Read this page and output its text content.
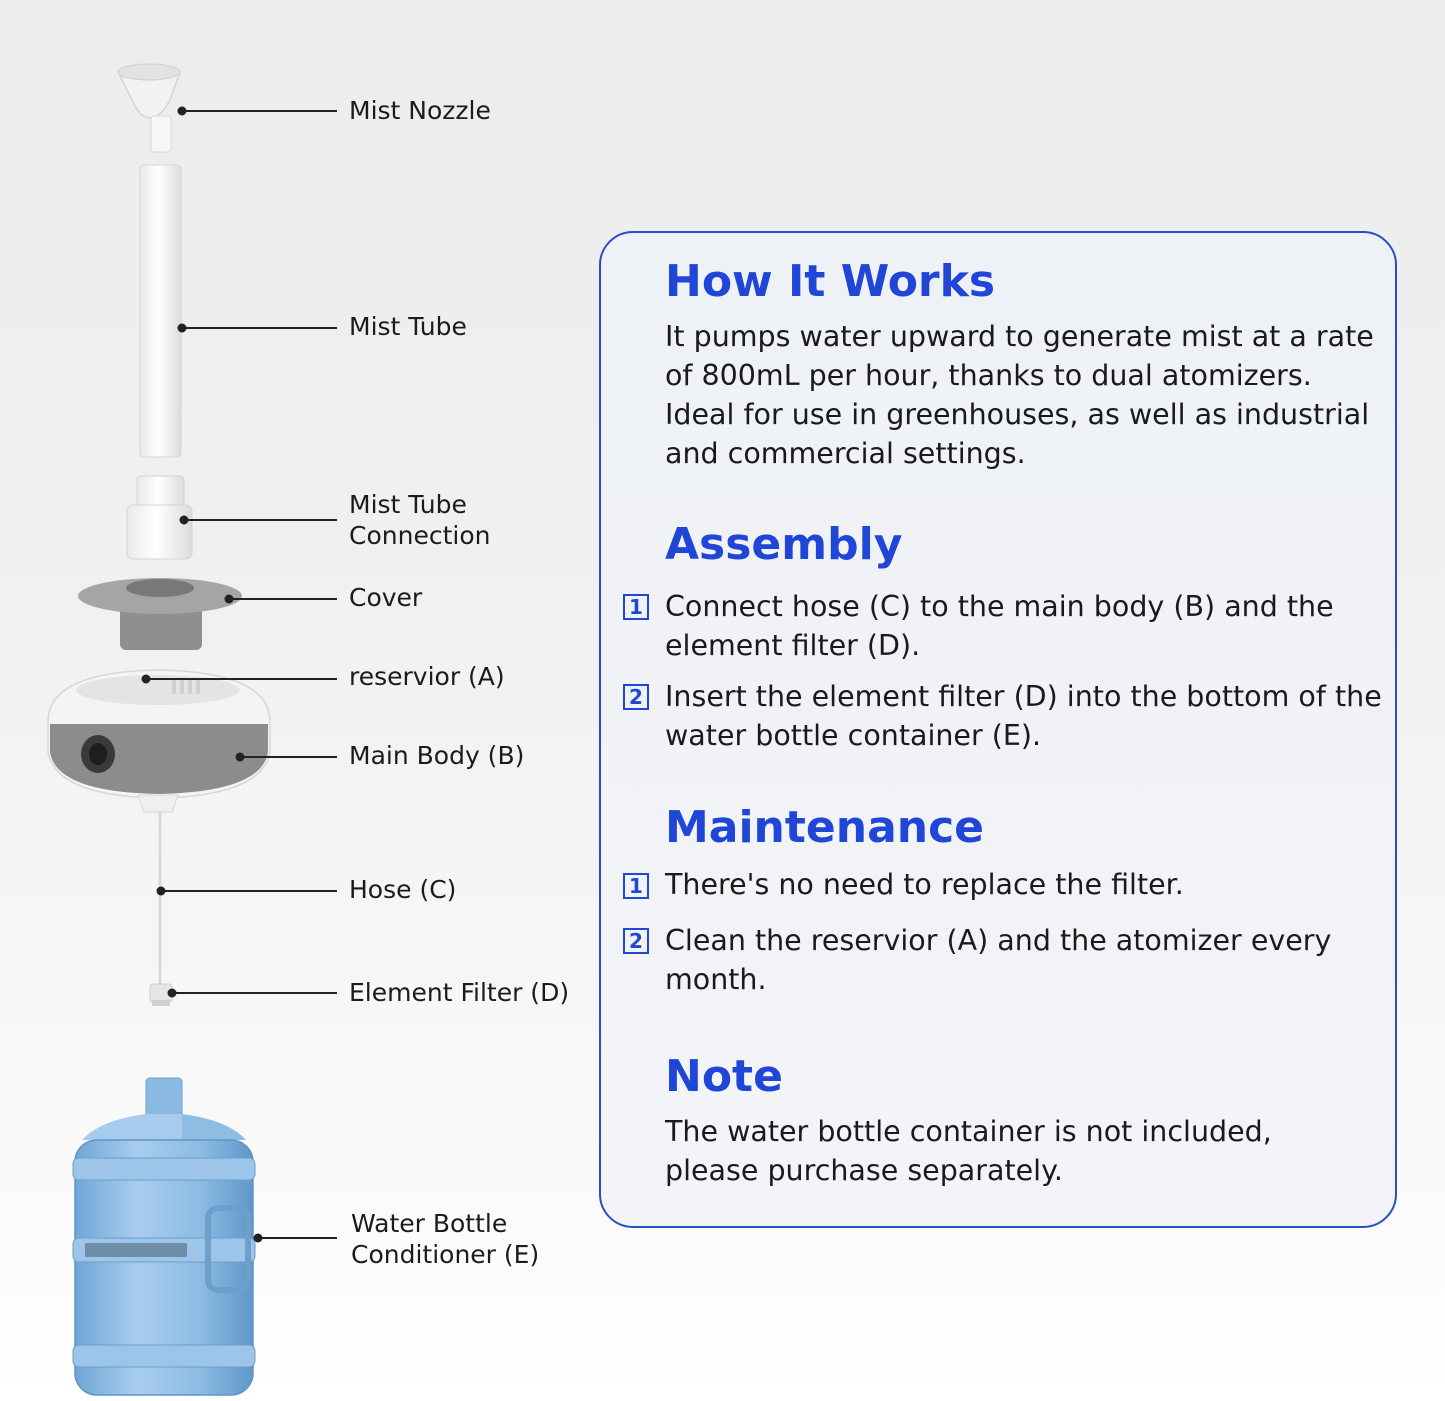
Mist Nozzle
Mist Tube
Mist Tube
Connection
Cover
reservior (A)
Main Body (B)
Hose (C)
Element Filter (D)
Water Bottle
Conditioner (E)
How It Works

It pumps water upward to generate mist at a rate of 800mL per hour, thanks to dual atomizers. Ideal for use in greenhouses, as well as industrial and commercial settings.

Assembly
1 Connect hose (C) to the main body (B) and the element filter (D).

2 Insert the element filter (D) into the bottom of the water bottle container (E).

Maintenance
1 There's no need to replace the filter.

2 Clean the reservior (A) and the atomizer every month.

Note

The water bottle container is not included, please purchase separately.
